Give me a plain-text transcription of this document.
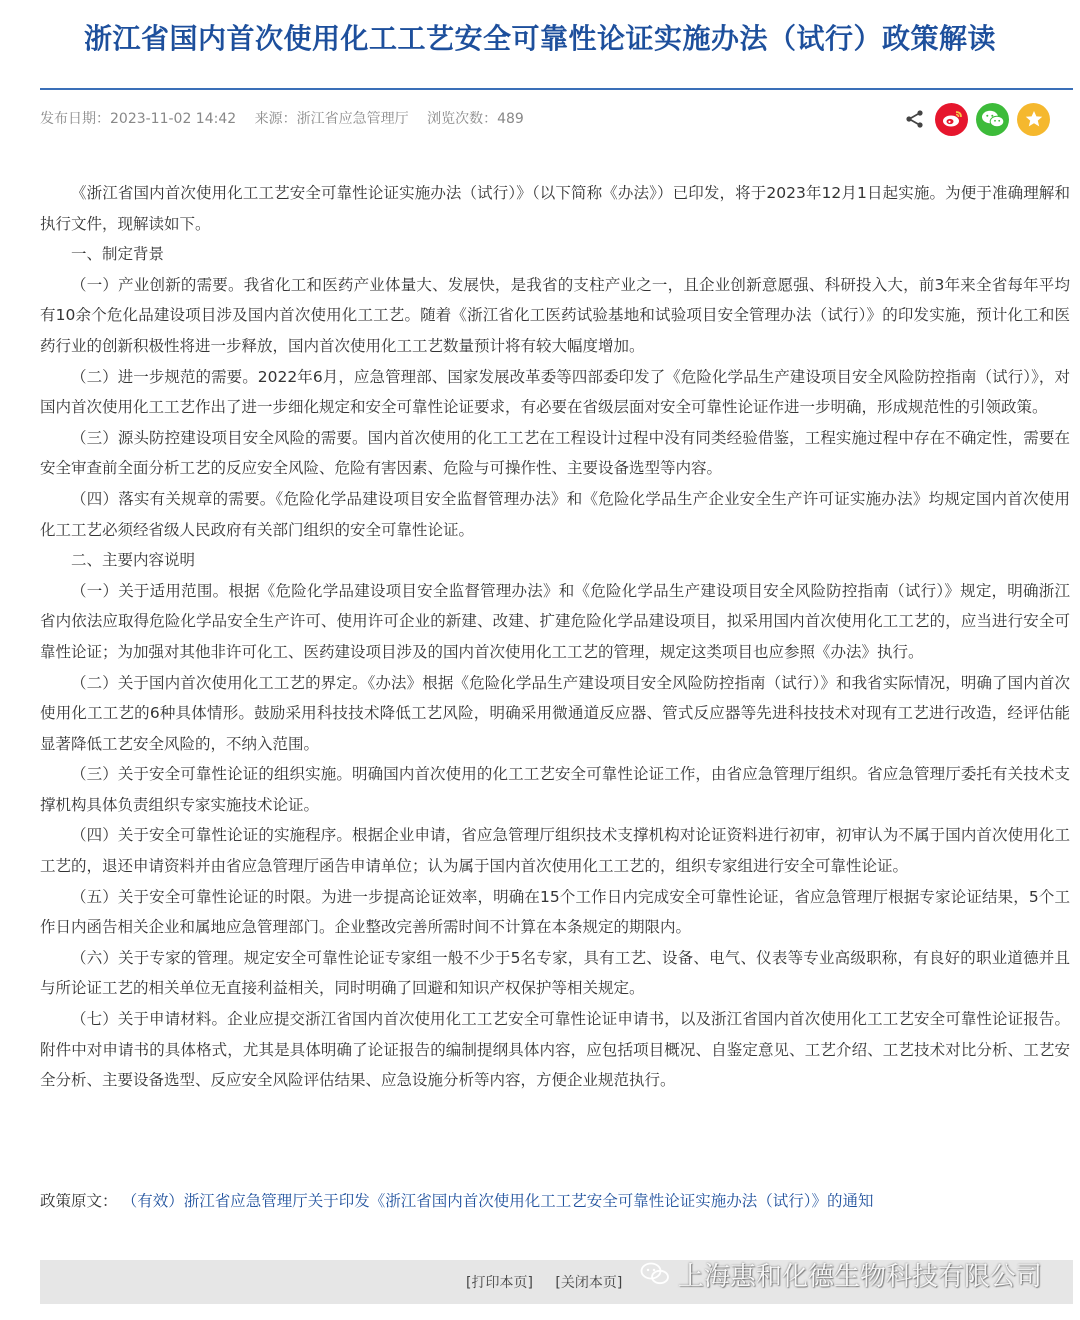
浙江省国内首次使用化工工艺安全可靠性论证实施办法（试行）政策解读
发布日期：2023-11-02 14:42 来源：浙江省应急管理厅 浏览次数：489

《浙江省国内首次使用化工工艺安全可靠性论证实施办法（试行）》（以下简称《办法》）已印发，将于2023年12月1日起实施。为便于准确理解和执行文件，现解读如下。

一、制定背景

（一）产业创新的需要。我省化工和医药产业体量大、发展快，是我省的支柱产业之一，且企业创新意愿强、科研投入大，前3年来全省每年平均有10余个危化品建设项目涉及国内首次使用化工工艺。随着《浙江省化工医药试验基地和试验项目安全管理办法（试行）》的印发实施，预计化工和医药行业的创新积极性将进一步释放，国内首次使用化工工艺数量预计将有较大幅度增加。

（二）进一步规范的需要。2022年6月，应急管理部、国家发展改革委等四部委印发了《危险化学品生产建设项目安全风险防控指南（试行）》，对国内首次使用化工工艺作出了进一步细化规定和安全可靠性论证要求，有必要在省级层面对安全可靠性论证作进一步明确，形成规范性的引领政策。

（三）源头防控建设项目安全风险的需要。国内首次使用的化工工艺在工程设计过程中没有同类经验借鉴，工程实施过程中存在不确定性，需要在安全审查前全面分析工艺的反应安全风险、危险有害因素、危险与可操作性、主要设备选型等内容。

（四）落实有关规章的需要。《危险化学品建设项目安全监督管理办法》和《危险化学品生产企业安全生产许可证实施办法》均规定国内首次使用化工工艺必须经省级人民政府有关部门组织的安全可靠性论证。

二、主要内容说明

（一）关于适用范围。根据《危险化学品建设项目安全监督管理办法》和《危险化学品生产建设项目安全风险防控指南（试行）》规定，明确浙江省内依法应取得危险化学品安全生产许可、使用许可企业的新建、改建、扩建危险化学品建设项目，拟采用国内首次使用化工工艺的，应当进行安全可靠性论证；为加强对其他非许可化工、医药建设项目涉及的国内首次使用化工工艺的管理，规定这类项目也应参照《办法》执行。

（二）关于国内首次使用化工工艺的界定。《办法》根据《危险化学品生产建设项目安全风险防控指南（试行）》和我省实际情况，明确了国内首次使用化工工艺的6种具体情形。鼓励采用科技技术降低工艺风险，明确采用微通道反应器、管式反应器等先进科技技术对现有工艺进行改造，经评估能显著降低工艺安全风险的，不纳入范围。

（三）关于安全可靠性论证的组织实施。明确国内首次使用的化工工艺安全可靠性论证工作，由省应急管理厅组织。省应急管理厅委托有关技术支撑机构具体负责组织专家实施技术论证。

（四）关于安全可靠性论证的实施程序。根据企业申请，省应急管理厅组织技术支撑机构对论证资料进行初审，初审认为不属于国内首次使用化工工艺的，退还申请资料并由省应急管理厅函告申请单位；认为属于国内首次使用化工工艺的，组织专家组进行安全可靠性论证。

（五）关于安全可靠性论证的时限。为进一步提高论证效率，明确在15个工作日内完成安全可靠性论证，省应急管理厅根据专家论证结果，5个工作日内函告相关企业和属地应急管理部门。企业整改完善所需时间不计算在本条规定的期限内。

（六）关于专家的管理。规定安全可靠性论证专家组一般不少于5名专家，具有工艺、设备、电气、仪表等专业高级职称，有良好的职业道德并且与所论证工艺的相关单位无直接利益相关，同时明确了回避和知识产权保护等相关规定。

（七）关于申请材料。企业应提交浙江省国内首次使用化工工艺安全可靠性论证申请书，以及浙江省国内首次使用化工工艺安全可靠性论证报告。附件中对申请书的具体格式，尤其是具体明确了论证报告的编制提纲具体内容，应包括项目概况、自鉴定意见、工艺介绍、工艺技术对比分析、工艺安全分析、主要设备选型、反应安全风险评估结果、应急设施分析等内容，方便企业规范执行。

政策原文： （有效）浙江省应急管理厅关于印发《浙江省国内首次使用化工工艺安全可靠性论证实施办法（试行）》的通知
[打印本页] [关闭本页]	上海惠和化德生物科技有限公司
